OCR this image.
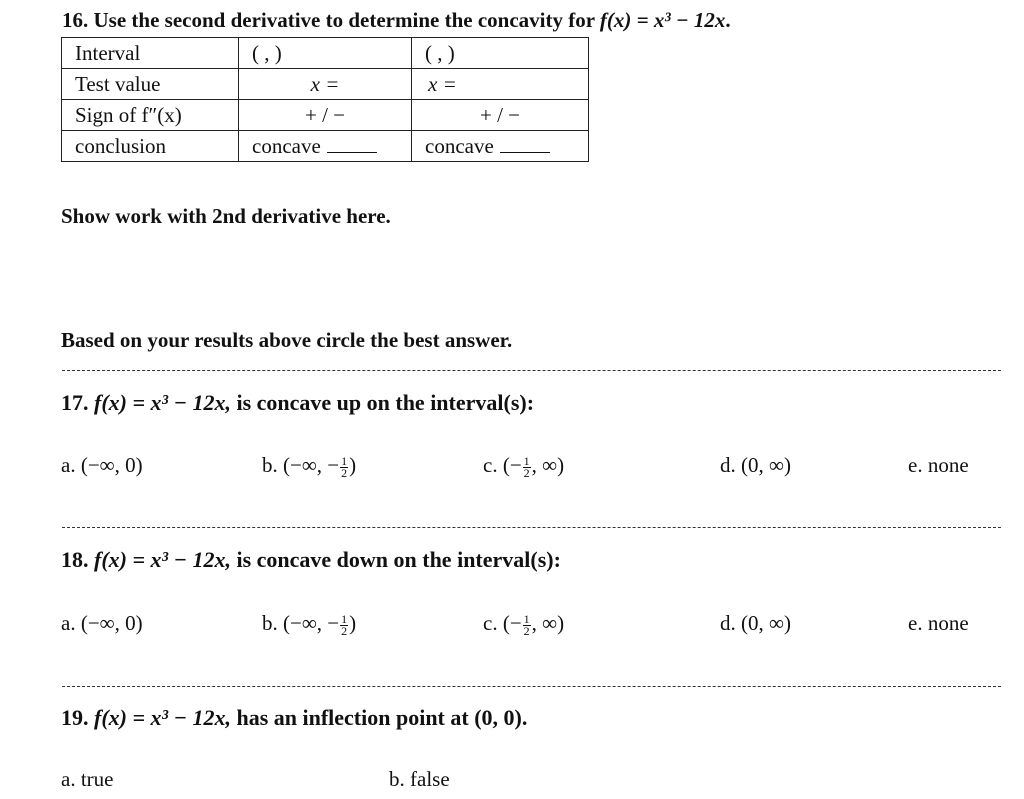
16. Use the second derivative to determine the concavity for f(x) = x³ − 12x.
Interval	( , )	( , )
Test value	x =	x =
Sign of f″(x)	+ / −	+ / −
conclusion	concave	concave
Show work with 2nd derivative here.
Based on your results above circle the best answer.
17. f(x) = x³ − 12x, is concave up on the interval(s):
a. (−∞, 0)	b. (−∞, − $\frac{1}{2}$ )	c. (− $\frac{1}{2}$ , ∞)	d. (0, ∞)	e. none
18. f(x) = x³ − 12x, is concave down on the interval(s):
a. (−∞, 0)	b. (−∞, − $\frac{1}{2}$ )	c. (− $\frac{1}{2}$ , ∞)	d. (0, ∞)	e. none
19. f(x) = x³ − 12x, has an inflection point at (0, 0).
a. true	b. false
